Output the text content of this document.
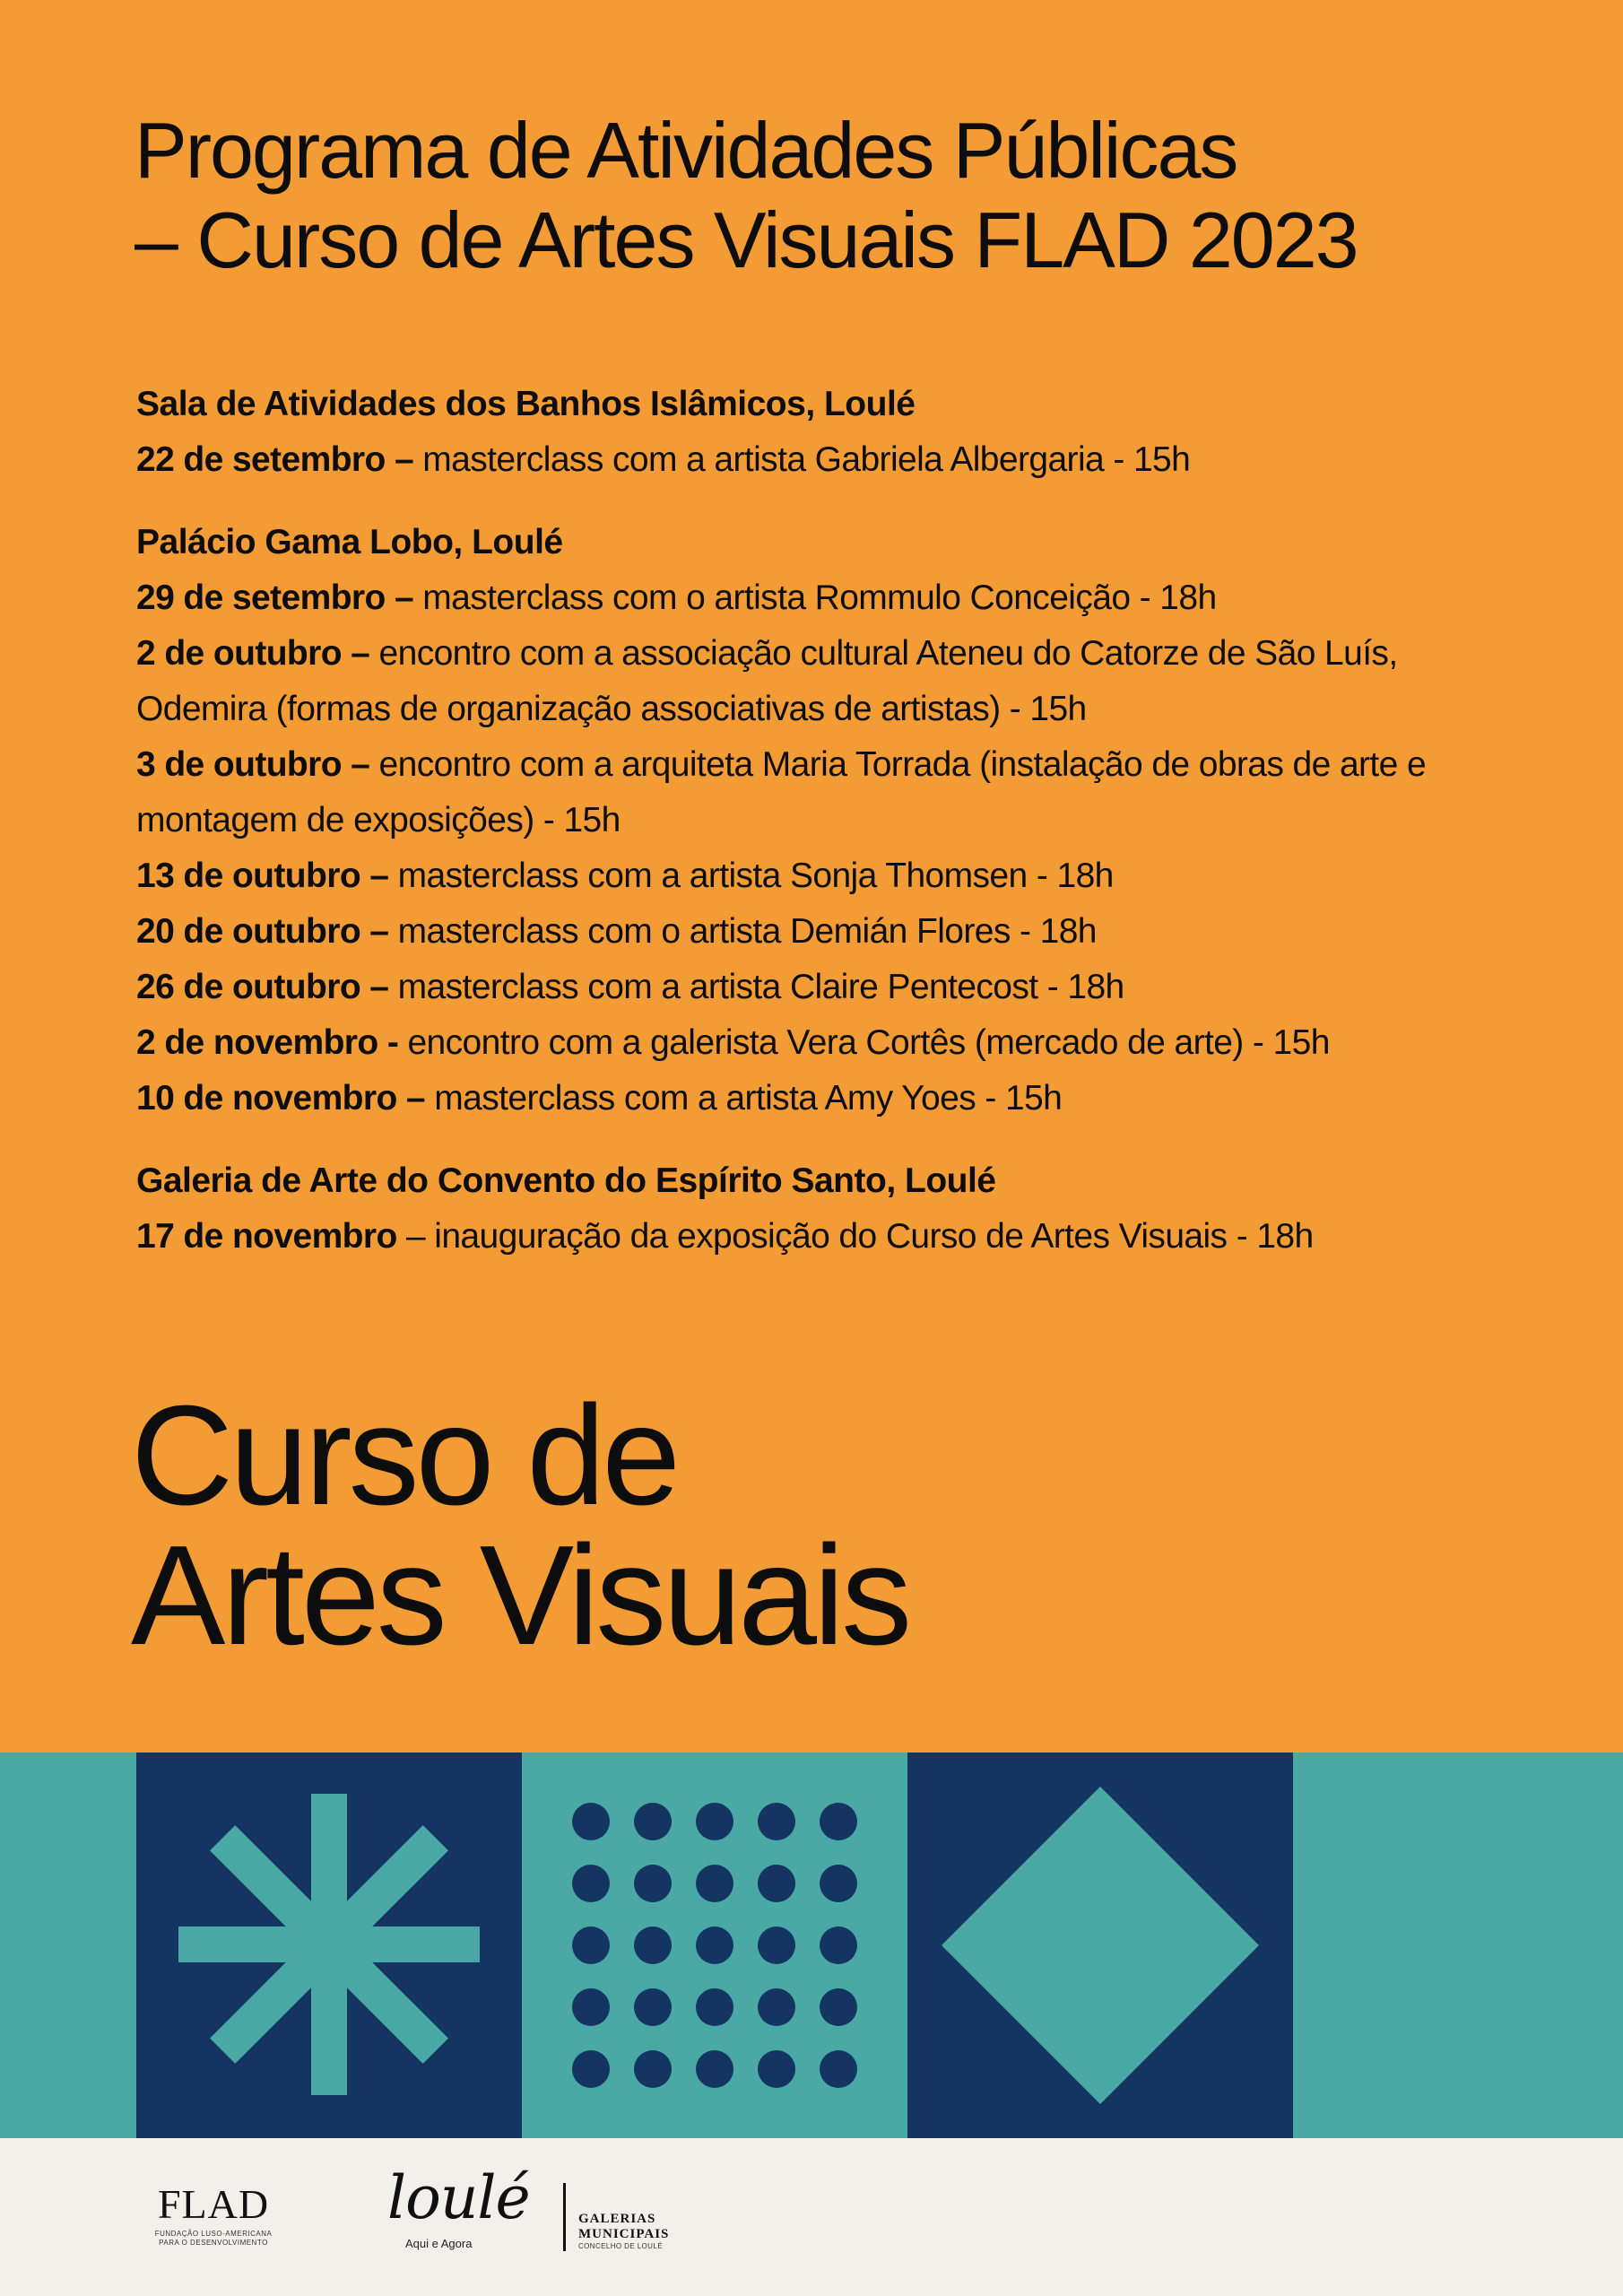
Programa de Atividades Públicas
– Curso de Artes Visuais FLAD 2023
Sala de Atividades dos Banhos Islâmicos, Loulé
22 de setembro – masterclass com a artista Gabriela Albergaria - 15h
Palácio Gama Lobo, Loulé
29 de setembro – masterclass com o artista Rommulo Conceição - 18h
2 de outubro – encontro com a associação cultural Ateneu do Catorze de São Luís, Odemira (formas de organização associativas de artistas) - 15h
3 de outubro – encontro com a arquiteta Maria Torrada (instalação de obras de arte e montagem de exposições) - 15h
13 de outubro – masterclass com a artista Sonja Thomsen - 18h
20 de outubro – masterclass com o artista Demián Flores - 18h
26 de outubro – masterclass com a artista Claire Pentecost - 18h
2 de novembro - encontro com a galerista Vera Cortês (mercado de arte) - 15h
10 de novembro – masterclass com a artista Amy Yoes - 15h
Galeria de Arte do Convento do Espírito Santo, Loulé
17 de novembro – inauguração da exposição do Curso de Artes Visuais - 18h
Curso de
Artes Visuais
FLAD
FUNDAÇÃO LUSO-AMERICANA PARA O DESENVOLVIMENTO
loulé
Aqui e Agora
GALERIAS
MUNICIPAIS
CONCELHO DE LOULÉ
